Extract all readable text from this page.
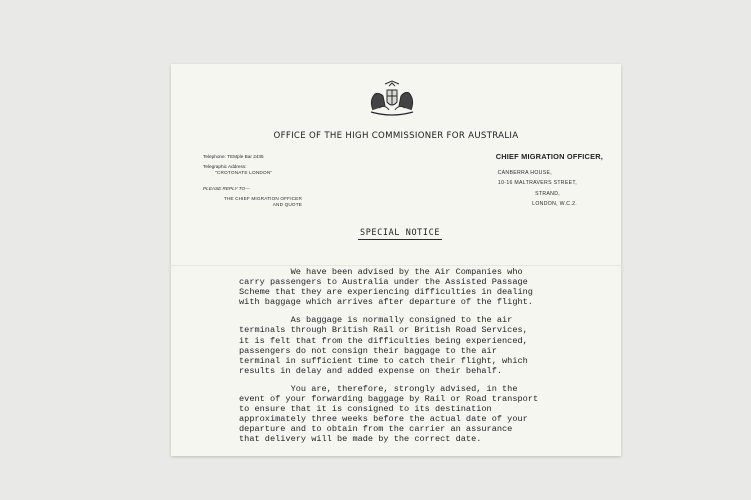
OFFICE OF THE HIGH COMMISSIONER FOR AUSTRALIA
Telephone: TEMple Bar 2435
Telegraphic Address:
"CROTONATE LONDON"
PLEASE REPLY TO—
THE CHIEF MIGRATION OFFICER
AND QUOTE
CHIEF MIGRATION OFFICER,
CANBERRA HOUSE,
10-16 MALTRAVERS STREET,
STRAND,
LONDON, W.C.2.
SPECIAL NOTICE

We have been advised by the Air Companies who
carry passengers to Australia under the Assisted Passage
Scheme that they are experiencing difficulties in dealing
with baggage which arrives after departure of the flight.

As baggage is normally consigned to the air
terminals through British Rail or British Road Services,
it is felt that from the difficulties being experienced,
passengers do not consign their baggage to the air
terminal in sufficient time to catch their flight, which
results in delay and added expense on their behalf.

You are, therefore, strongly advised, in the
event of your forwarding baggage by Rail or Road transport
to ensure that it is consigned to its destination
approximately three weeks before the actual date of your
departure and to obtain from the carrier an assurance
that delivery will be made by the correct date.
